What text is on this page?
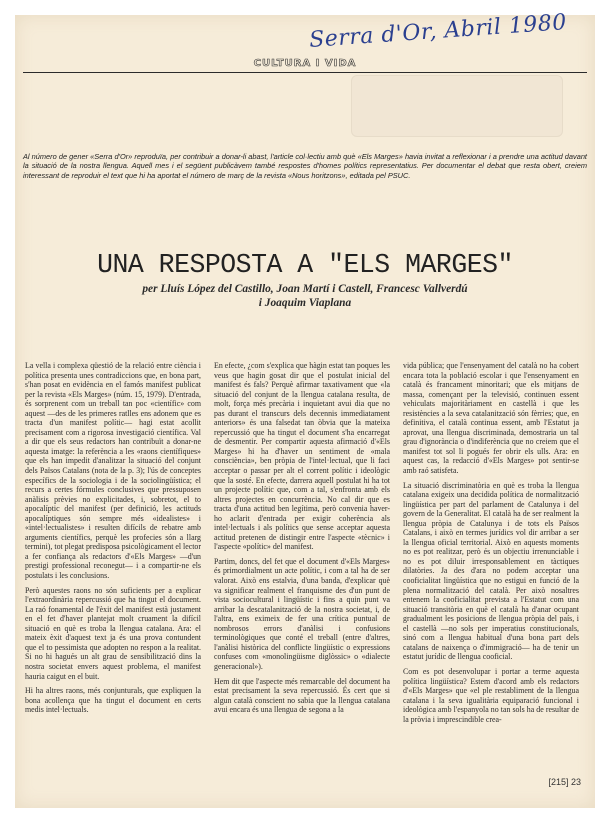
Serra d'Or, Abril 1980
CULTURA I VIDA
Al número de gener «Serra d'Or» reproduïa, per contribuir a donar-li abast, l'article col·lectiu amb què «Els Marges» havia invitat a reflexionar i a prendre una actitud davant la situació de la nostra llengua. Aquell mes i el següent publicàvem també respostes d'homes polítics representatius. Per documentar el debat que resta obert, creiem interessant de reproduir el text que hi ha aportat el número de març de la revista «Nous horitzons», editada pel PSUC.
UNA RESPOSTA A "ELS MARGES"
per Lluís López del Castillo, Joan Martí i Castell, Francesc Vallverdú
i Joaquim Viaplana

La vella i complexa qüestió de la relació entre ciència i política presenta unes contradiccions que, en bona part, s'han posat en evidència en el famós manifest publicat per la revista «Els Marges» (núm. 15, 1979). D'entrada, és sorprenent com un treball tan poc «científic» com aquest —des de les primeres ratlles ens adonem que es tracta d'un manifest polític— hagi estat acollit precisament com a rigorosa investigació científica. Val a dir que els seus redactors han contribuït a donar-ne aquesta imatge: la referència a les «raons científiques» que els han impedit d'analitzar la situació del conjunt dels Països Catalans (nota de la p. 3); l'ús de conceptes específics de la sociologia i de la sociolingüística; el recurs a certes fórmules conclusives que pressuposen anàlisis prèvies no explicitades, i, sobretot, el to apocalíptic del manifest (per definició, les actituds apocalíptiques són sempre més «idealistes» i «intel·lectualistes» i resulten difícils de rebatre amb arguments científics, perquè les profecies són a llarg termini), tot plegat predisposa psicològicament el lector a fer confiança als redactors d'«Els Marges» —d'un prestigi professional reconegut— i a compartir-ne els postulats i les conclusions.

Però aquestes raons no són suficients per a explicar l'extraordinària repercussió que ha tingut el document. La raó fonamental de l'èxit del manifest està justament en el fet d'haver plantejat molt cruament la difícil situació en què es troba la llengua catalana. Ara: el mateix èxit d'aquest text ja és una prova contundent que el to pessimista que adopten no respon a la realitat. Si no hi hagués un alt grau de sensibilització dins la nostra societat envers aquest problema, el manifest hauria caigut en el buit.

Hi ha altres raons, més conjunturals, que expliquen la bona acollença que ha tingut el document en certs medis intel·lectuals.

En efecte, ¿com s'explica que hàgin estat tan poques les veus que hagin gosat dir que el postulat inicial del manifest és fals? Perquè afirmar taxativament que «la situació del conjunt de la llengua catalana resulta, de molt, força més precària i inquietant avui dia que no pas durant el transcurs dels decennis immediatament anteriors» és una falsedat tan òbvia que la mateixa repercussió que ha tingut el document s'ha encarregat de desmentir. Per compartir aquesta afirmació d'«Els Marges» hi ha d'haver un sentiment de «mala consciència», ben pròpia de l'intel·lectual, que li faci acceptar o passar per alt el corrent polític i ideològic que la sosté. En efecte, darrera aquell postulat hi ha tot un projecte polític que, com a tal, s'enfronta amb els altres projectes en concurrència. No cal dir que es tracta d'una actitud ben legítima, però convenia haver-ho aclarit d'entrada per exigir coherència als intel·lectuals i als polítics que sense acceptar aquesta actitud pretenen de distingir entre l'aspecte «tècnic» i l'aspecte «polític» del manifest.

Partim, doncs, del fet que el document d'«Els Marges» és primordialment un acte polític, i com a tal ha de ser valorat. Això ens estalvia, d'una banda, d'explicar què va significar realment el franquisme des d'un punt de vista sociocultural i lingüístic i fins a quin punt va arribar la descatalanització de la nostra societat, i, de l'altra, ens eximeix de fer una crítica puntual de nombrosos errors d'anàlisi i confusions terminològiques que conté el treball (entre d'altres, l'anàlisi històrica del conflicte lingüístic o expressions confuses com «monolingüisme diglòssic» o «dialecte generacional»).

Hem dit que l'aspecte més remarcable del document ha estat precisament la seva repercussió. És cert que si algun català conscient no sabia que la llengua catalana avui encara és una llengua de segona a la

vida pública; que l'ensenyament del català no ha cobert encara tota la població escolar i que l'ensenyament en català és francament minoritari; que els mitjans de massa, començant per la televisió, continuen essent vehiculats majoritàriament en castellà i que les resistències a la seva catalanització són fèrries; que, en definitiva, el català continua essent, amb l'Estatut ja aprovat, una llengua discriminada, demostraria un tal grau d'ignorància o d'indiferència que no creiem que el manifest tot sol li pogués fer obrir els ulls. Ara: en aquest cas, la redacció d'«Els Marges» pot sentir-se amb raó satisfeta.

La situació discriminatòria en què es troba la llengua catalana exigeix una decidida política de normalització lingüística per part del parlament de Catalunya i del govern de la Generalitat. El català ha de ser realment la llengua pròpia de Catalunya i de tots els Països Catalans, i això en termes jurídics vol dir arribar a ser la llengua oficial territorial. Això en aquests moments no es pot realitzar, però és un objectiu irrenunciable i no es pot diluir irresponsablement en tàctiques dilatòries. Ja des d'ara no podem acceptar una cooficialitat lingüística que no estigui en funció de la plena normalització del català. Per això nosaltres entenem la cooficialitat prevista a l'Estatut com una situació transitòria en què el català ha d'anar ocupant gradualment les posicions de llengua pròpia del país, i el castellà —no sols per imperatius constitucionals, sinó com a llengua habitual d'una bona part dels catalans de naixença o d'immigració— ha de tenir un estatut jurídic de llengua cooficial.

Com es pot desenvolupar i portar a terme aquesta política lingüística? Estem d'acord amb els redactors d'«Els Marges» que «el ple restabliment de la llengua catalana i la seva igualitària equiparació funcional i ideològica amb l'espanyola no tan sols ha de resultar de la pròvia i imprescindible crea-

[215] 23
